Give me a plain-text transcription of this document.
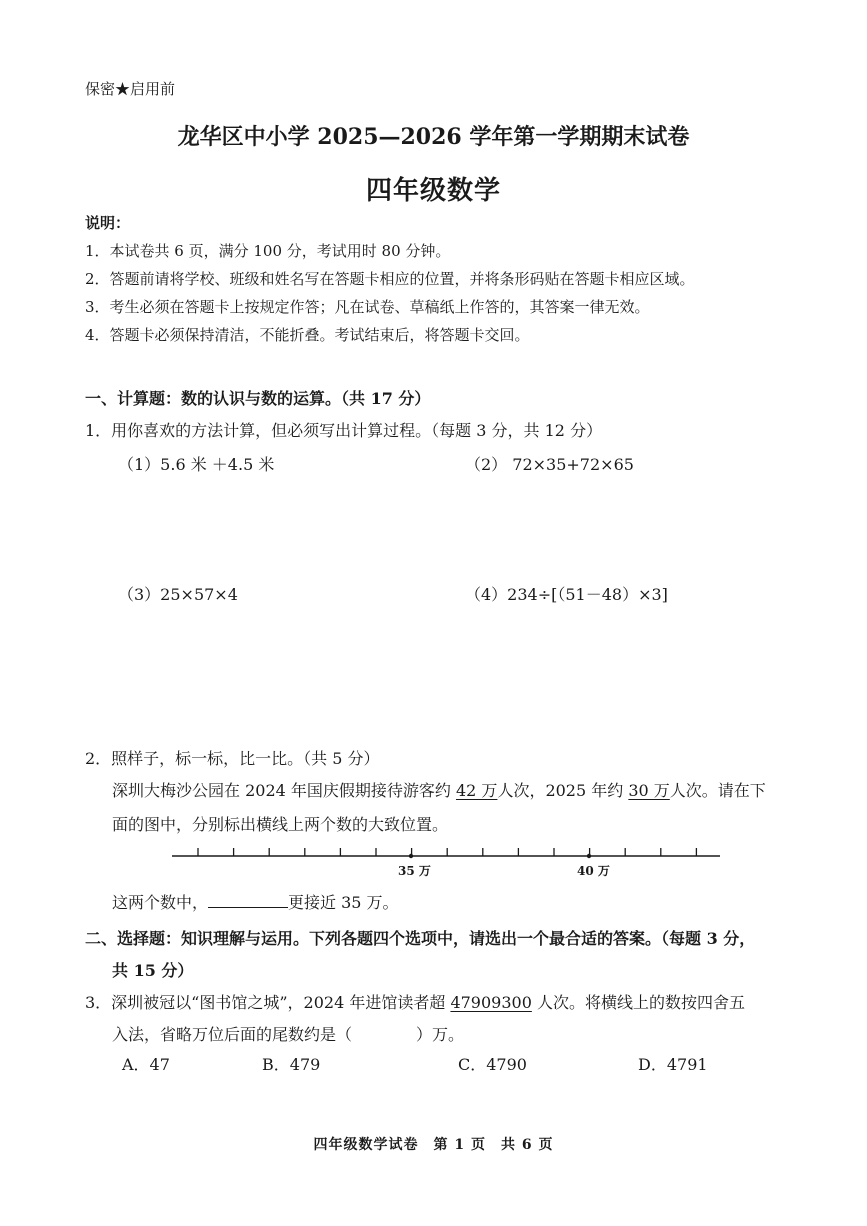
保密★启用前
龙华区中小学 2025—2026 学年第一学期期末试卷
四年级数学
说明：
1．本试卷共 6 页，满分 100 分，考试用时 80 分钟。
2．答题前请将学校、班级和姓名写在答题卡相应的位置，并将条形码贴在答题卡相应区域。
3．考生必须在答题卡上按规定作答；凡在试卷、草稿纸上作答的，其答案一律无效。
4．答题卡必须保持清洁，不能折叠。考试结束后，将答题卡交回。
一、计算题：数的认识与数的运算。（共 17 分）
1．用你喜欢的方法计算，但必须写出计算过程。（每题 3 分，共 12 分）
（1）5.6 米 ＋4.5 米	（2） 72×35+72×65
（3）25×57×4	（4）234÷[（51－48）×3]
2．照样子，标一标，比一比。（共 5 分）
深圳大梅沙公园在 2024 年国庆假期接待游客约 42 万人次，2025 年约 30 万人次。请在下
面的图中，分别标出横线上两个数的大致位置。
35 万	40 万
这两个数中，	更接近 35 万。
二、选择题：知识理解与运用。下列各题四个选项中，请选出一个最合适的答案。（每题 3 分，
共 15 分）
3．深圳被冠以“图书馆之城”，2024 年进馆读者超 47909300 人次。将横线上的数按四舍五
入法，省略万位后面的尾数约是（　　　　）万。
A．47	B．479	C．4790	D．4791
四年级数学试卷　第 1 页　共 6 页
